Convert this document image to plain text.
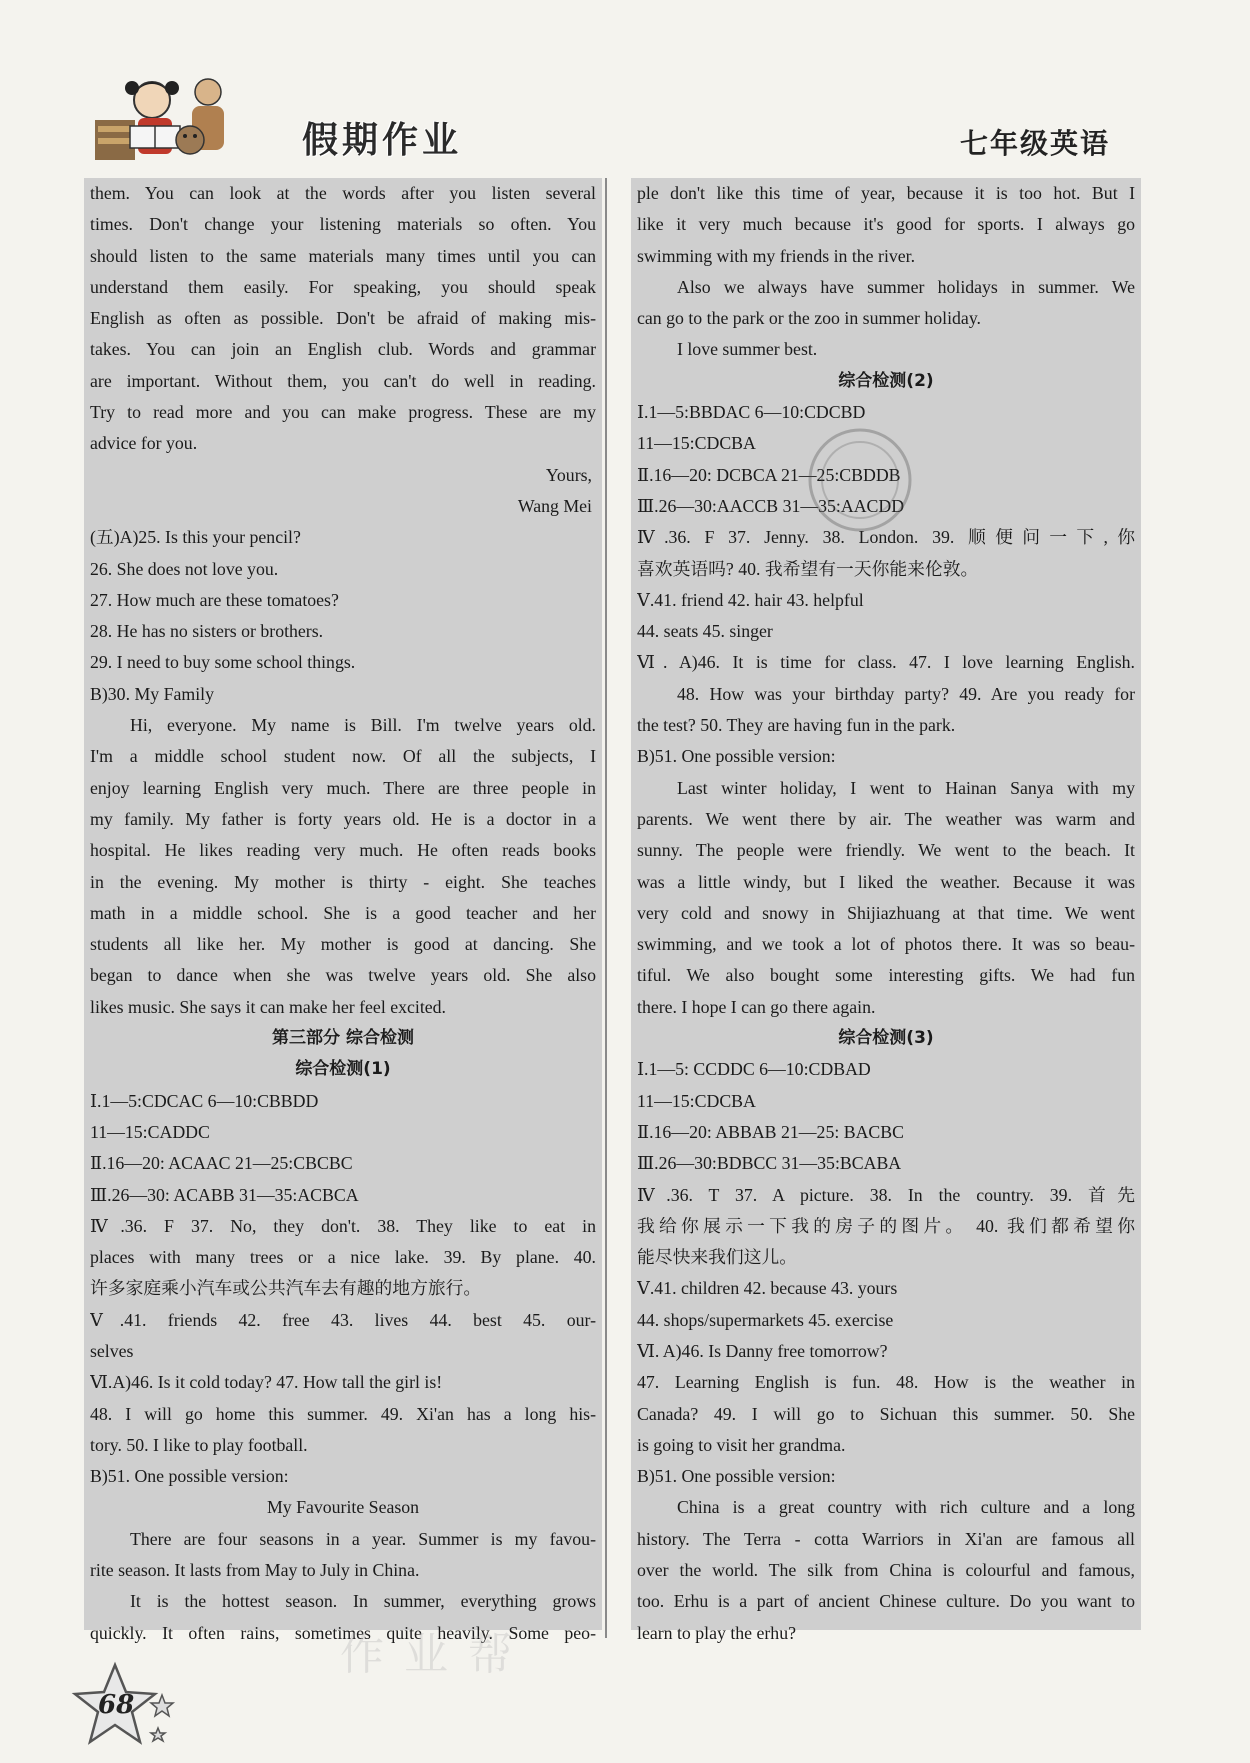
假期作业	七年级英语
them. You can look at the words after you listen several
times. Don't change your listening materials so often. You
should listen to the same materials many times until you can
understand them easily. For speaking, you should speak
English as often as possible. Don't be afraid of making mis-
takes. You can join an English club. Words and grammar
are important. Without them, you can't do well in reading.
Try to read more and you can make progress. These are my
advice for you.
Yours,
Wang Mei
(五)A)25. Is this your pencil?
26. She does not love you.
27. How much are these tomatoes?
28. He has no sisters or brothers.
29. I need to buy some school things.
B)30. My Family
Hi, everyone. My name is Bill. I'm twelve years old.
I'm a middle school student now. Of all the subjects, I
enjoy learning English very much. There are three people in
my family. My father is forty years old. He is a doctor in a
hospital. He likes reading very much. He often reads books
in the evening. My mother is thirty - eight. She teaches
math in a middle school. She is a good teacher and her
students all like her. My mother is good at dancing. She
began to dance when she was twelve years old. She also
likes music. She says it can make her feel excited.
第三部分 综合检测
综合检测(1)
Ⅰ.1—5:CDCAC 6—10:CBBDD
11—15:CADDC
Ⅱ.16—20: ACAAC 21—25:CBCBC
Ⅲ.26—30: ACABB 31—35:ACBCA
Ⅳ.36. F 37. No, they don't. 38. They like to eat in
places with many trees or a nice lake. 39. By plane. 40.
许多家庭乘小汽车或公共汽车去有趣的地方旅行。
Ⅴ.41. friends 42. free 43. lives 44. best 45. our-
selves
Ⅵ.A)46. Is it cold today? 47. How tall the girl is!
48. I will go home this summer. 49. Xi'an has a long his-
tory. 50. I like to play football.
B)51. One possible version:
My Favourite Season
There are four seasons in a year. Summer is my favou-
rite season. It lasts from May to July in China.
It is the hottest season. In summer, everything grows
quickly. It often rains, sometimes quite heavily. Some peo-
ple don't like this time of year, because it is too hot. But I
like it very much because it's good for sports. I always go
swimming with my friends in the river.
Also we always have summer holidays in summer. We
can go to the park or the zoo in summer holiday.
I love summer best.
综合检测(2)
Ⅰ.1—5:BBDAC 6—10:CDCBD
11—15:CDCBA
Ⅱ.16—20: DCBCA 21—25:CBDDB
Ⅲ.26—30:AACCB 31—35:AACDD
Ⅳ.36. F 37. Jenny. 38. London. 39. 顺便问一下,你
喜欢英语吗? 40. 我希望有一天你能来伦敦。
Ⅴ.41. friend 42. hair 43. helpful
44. seats 45. singer
Ⅵ. A)46. It is time for class. 47. I love learning English.
48. How was your birthday party? 49. Are you ready for
the test? 50. They are having fun in the park.
B)51. One possible version:
Last winter holiday, I went to Hainan Sanya with my
parents. We went there by air. The weather was warm and
sunny. The people were friendly. We went to the beach. It
was a little windy, but I liked the weather. Because it was
very cold and snowy in Shijiazhuang at that time. We went
swimming, and we took a lot of photos there. It was so beau-
tiful. We also bought some interesting gifts. We had fun
there. I hope I can go there again.
综合检测(3)
Ⅰ.1—5: CCDDC 6—10:CDBAD
11—15:CDCBA
Ⅱ.16—20: ABBAB 21—25: BACBC
Ⅲ.26—30:BDBCC 31—35:BCABA
Ⅳ.36. T 37. A picture. 38. In the country. 39. 首先
我给你展示一下我的房子的图片。 40. 我们都希望你
能尽快来我们这儿。
Ⅴ.41. children 42. because 43. yours
44. shops/supermarkets 45. exercise
Ⅵ. A)46. Is Danny free tomorrow?
47. Learning English is fun. 48. How is the weather in
Canada? 49. I will go to Sichuan this summer. 50. She
is going to visit her grandma.
B)51. One possible version:
China is a great country with rich culture and a long
history. The Terra - cotta Warriors in Xi'an are famous all
over the world. The silk from China is colourful and famous,
too. Erhu is a part of ancient Chinese culture. Do you want to
learn to play the erhu?
作业帮
68
